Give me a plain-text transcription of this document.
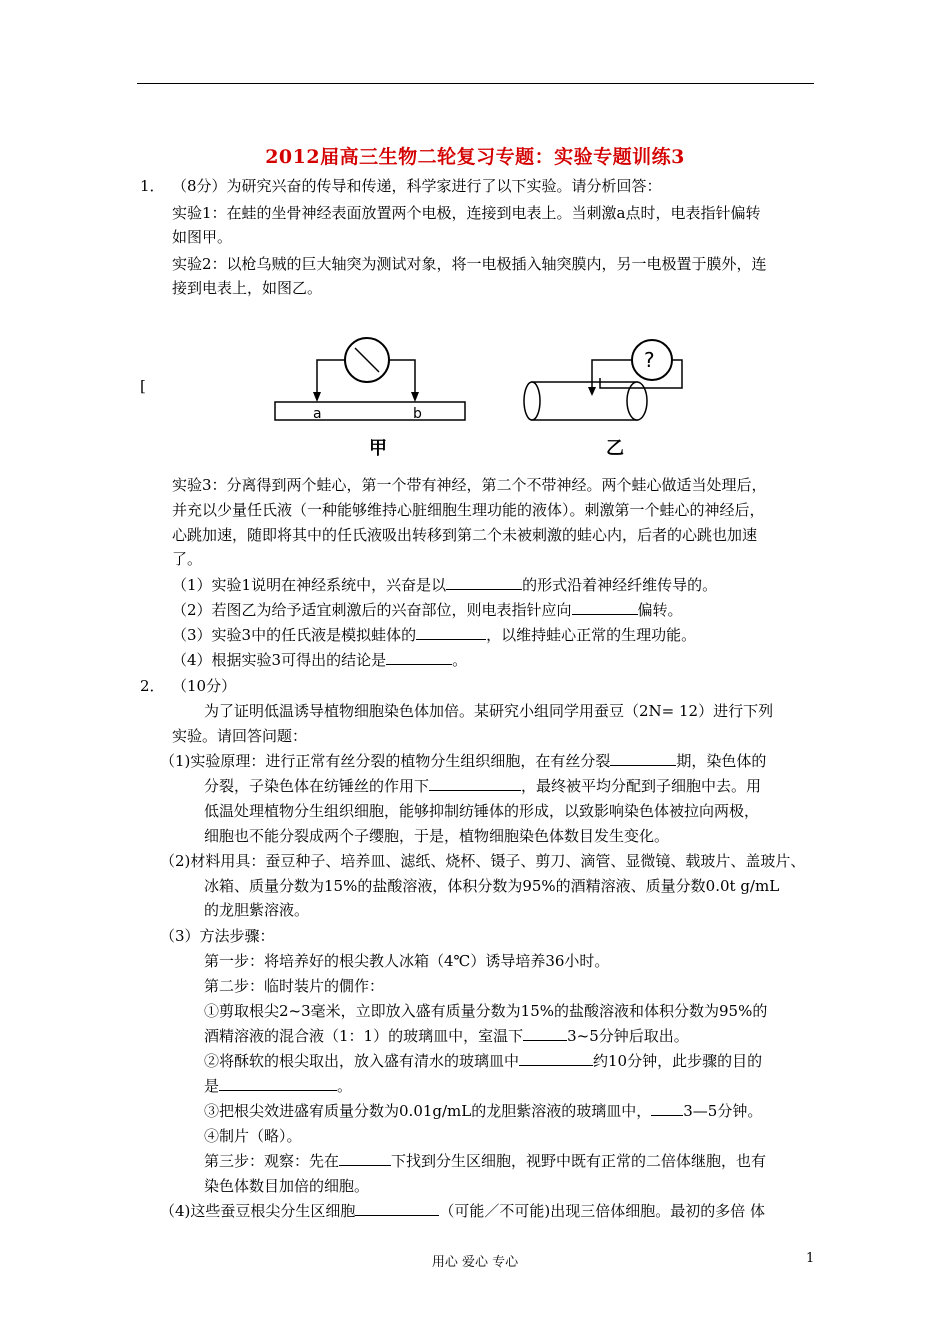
2012届高三生物二轮复习专题：实验专题训练3
1． （8分）为研究兴奋的传导和传递，科学家进行了以下实验。请分析回答：
实验1：在蛙的坐骨神经表面放置两个电极，连接到电表上。当刺激a点时，电表指针偏转
如图甲。
实验2：以枪乌贼的巨大轴突为测试对象，将一电极插入轴突膜内，另一电极置于膜外，连
接到电表上，如图乙。
[
a	b
甲
?
乙
实验3：分离得到两个蛙心，第一个带有神经，第二个不带神经。两个蛙心做适当处理后，
并充以少量任氏液（一种能够维持心脏细胞生理功能的液体）。刺激第一个蛙心的神经后，
心跳加速，随即将其中的任氏液吸出转移到第二个未被刺激的蛙心内，后者的心跳也加速
了。
（1）实验1说明在神经系统中，兴奋是以	的形式沿着神经纤维传导的。
（2）若图乙为给予适宜刺激后的兴奋部位，则电表指针应向	偏转。
（3）实验3中的任氏液是模拟蛙体的	，以维持蛙心正常的生理功能。
（4）根据实验3可得出的结论是	。
2． （10分）
为了证明低温诱导植物细胞染色体加倍。某研究小组同学用蚕豆（2N= 12）进行下列
实验。请回答问题：
（1)实验原理：进行正常有丝分裂的植物分生组织细胞，在有丝分裂	期，染色体的
分裂，子染色体在纺锤丝的作用下	，最终被平均分配到子细胞中去。用
低温处理植物分生组织细胞，能够抑制纺锤体的形成，以致影响染色体被拉向两极，
细胞也不能分裂成两个子缨胞，于是，植物细胞染色体数目发生变化。
（2)材料用具：蚕豆种子、培养皿、滤纸、烧杯、镊子、剪刀、滴管、显微镜、载玻片、盖玻片、
冰箱、质量分数为15%的盐酸溶液，体积分数为95%的酒精溶液、质量分数0.0t g/mL
的龙胆紫溶液。
（3）方法步骤：
第一步：将培养好的根尖教人冰箱（4℃）诱导培养36小时。
第二步：临时装片的僩作：
①剪取根尖2~3毫米，立即放入盛有质量分数为15%的盐酸溶液和体积分数为95%的
酒精溶液的混合液（1：1）的玻璃皿中，室温下	3~5分钟后取出。
②将酥软的根尖取出，放入盛有清水的玻璃皿中	约10分钟，此步骤的目的
是	。
③把根尖效进盛宥质量分数为0.01g/mL的龙胆紫溶液的玻璃皿中， 3—5分钟。
④制片（略）。
第三步：观察：先在	下找到分生区细胞，视野中既有正常的二倍体继胞，也有
染色体数目加倍的细胞。
（4)这些蚕豆根尖分生区细胞	（可能／不可能)出现三倍体细胞。最初的多倍 体
用心 爱心 专心	1
